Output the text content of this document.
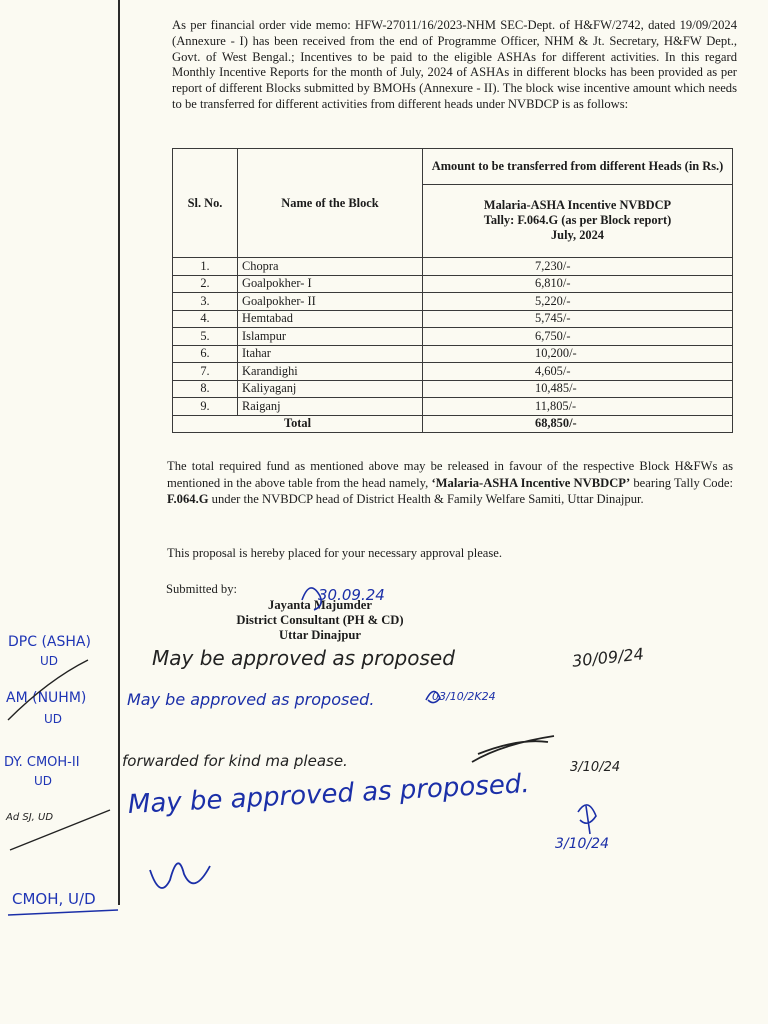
As per financial order vide memo: HFW-27011/16/2023-NHM SEC-Dept. of H&FW/2742, dated 19/09/2024 (Annexure - I) has been received from the end of Programme Officer, NHM & Jt. Secretary, H&FW Dept., Govt. of West Bengal.; Incentives to be paid to the eligible ASHAs for different activities. In this regard Monthly Incentive Reports for the month of July, 2024 of ASHAs in different blocks has been provided as per report of different Blocks submitted by BMOHs (Annexure - II). The block wise incentive amount which needs to be transferred for different activities from different heads under NVBDCP is as follows:
Sl. No.	Name of the Block	Amount to be transferred from different Heads (in Rs.)

		Malaria-ASHA Incentive NVBDCP
Tally: F.064.G (as per Block report)
July, 2024

1.	Chopra	7,230/-
2.	Goalpokher- I	6,810/-
3.	Goalpokher- II	5,220/-
4.	Hemtabad	5,745/-
5.	Islampur	6,750/-
6.	Itahar	10,200/-
7.	Karandighi	4,605/-
8.	Kaliyaganj	10,485/-
9.	Raiganj	11,805/-
Total		68,850/-
The total required fund as mentioned above may be released in favour of the respective Block H&FWs as mentioned in the above table from the head namely, ‘Malaria-ASHA Incentive NVBDCP’ bearing Tally Code: F.064.G under the NVBDCP head of District Health & Family Welfare Samiti, Uttar Dinajpur.
This proposal is hereby placed for your necessary approval please.
Submitted by:	30.09.24
Jayanta Majumder
District Consultant (PH & CD)
Uttar Dinajpur
DPC (ASHA)
UD
AM (NUHM)
UD
DY. CMOH-II
UD
Ad SJ, UD
CMOH, U/D
May be approved as proposed	30/09/24
May be approved as proposed.	03/10/2K24
forwarded for kind ma please.	3/10/24
May be approved as proposed.
3/10/24
